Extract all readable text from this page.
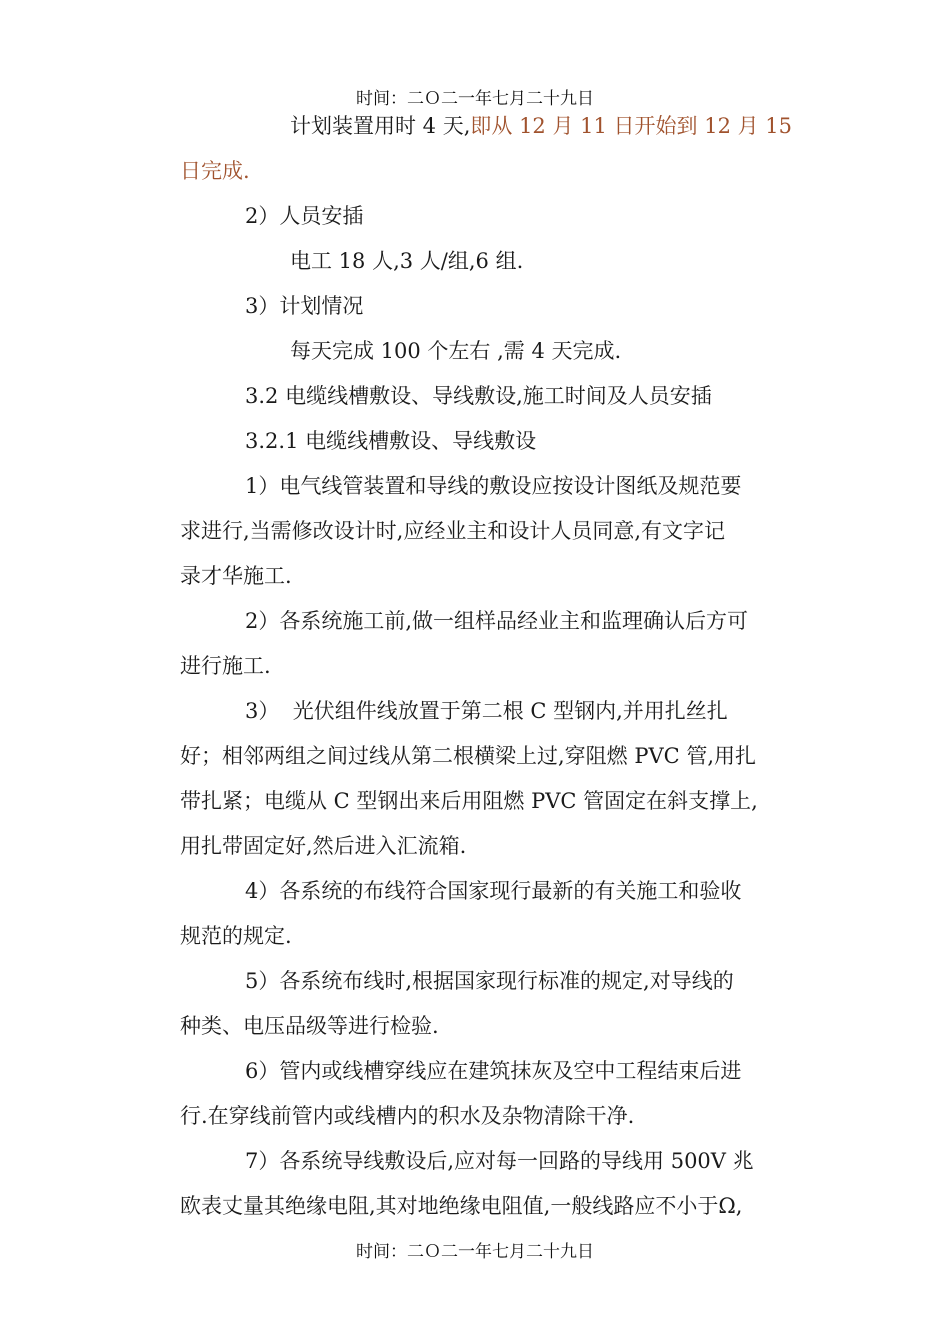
时间：二Ｏ二一年七月二十九日
计划装置用时 4 天,即从 12 月 11 日开始到 12 月 15
日完成.
2）人员安插
电工 18 人,3 人/组,6 组.
3）计划情况
每天完成 100 个左右 ,需 4 天完成.
3.2 电缆线槽敷设、导线敷设,施工时间及人员安插
3.2.1 电缆线槽敷设、导线敷设
1）电气线管装置和导线的敷设应按设计图纸及规范要
求进行,当需修改设计时,应经业主和设计人员同意,有文字记
录才华施工.
2）各系统施工前,做一组样品经业主和监理确认后方可
进行施工.
3）  光伏组件线放置于第二根 C 型钢内,并用扎丝扎
好；相邻两组之间过线从第二根横梁上过,穿阻燃 PVC 管,用扎
带扎紧；电缆从 C 型钢出来后用阻燃 PVC 管固定在斜支撑上,
用扎带固定好,然后进入汇流箱.
4）各系统的布线符合国家现行最新的有关施工和验收
规范的规定.
5）各系统布线时,根据国家现行标准的规定,对导线的
种类、电压品级等进行检验.
6）管内或线槽穿线应在建筑抹灰及空中工程结束后进
行.在穿线前管内或线槽内的积水及杂物清除干净.
7）各系统导线敷设后,应对每一回路的导线用 500V 兆
欧表丈量其绝缘电阻,其对地绝缘电阻值,一般线路应不小于Ω,
时间：二Ｏ二一年七月二十九日
